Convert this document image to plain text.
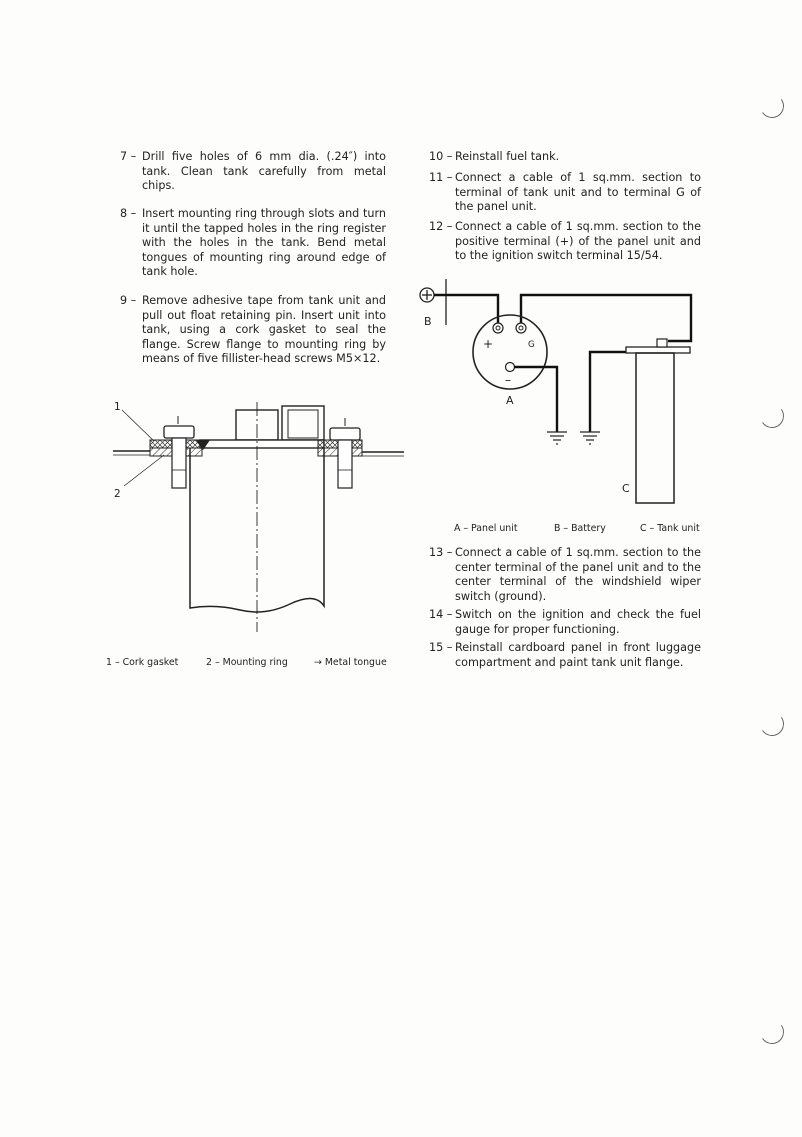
7 – Drill five holes of 6 mm dia. (.24″) into tank. Clean tank carefully from metal chips.
8 – Insert mounting ring through slots and turn it until the tapped holes in the ring register with the holes in the tank. Bend metal tongues of mounting ring around edge of tank hole.
9 – Remove adhesive tape from tank unit and pull out float retaining pin. Insert unit into tank, using a cork gasket to seal the flange. Screw flange to mounting ring by means of five fillister-head screws M5×12.
10 – Reinstall fuel tank.
11 – Connect a cable of 1 sq.mm. section to terminal of tank unit and to terminal G of the panel unit.
12 – Connect a cable of 1 sq.mm. section to the positive terminal (+) of the panel unit and to the ignition switch terminal 15/54.
1
2
B
+	G
–
A
C
1 – Cork gasket	2 – Mounting ring	→ Metal tongue
A – Panel unit	B – Battery	C – Tank unit
13 – Connect a cable of 1 sq.mm. section to the center terminal of the panel unit and to the center terminal of the windshield wiper switch (ground).
14 – Switch on the ignition and check the fuel gauge for proper functioning.
15 – Reinstall cardboard panel in front luggage compartment and paint tank unit flange.
